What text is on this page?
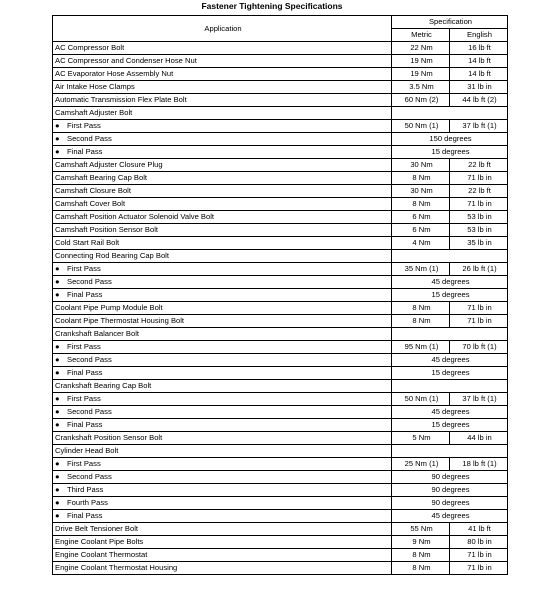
Fastener Tightening Specifications
Application	Specification	
	Metric	English
AC Compressor Bolt	22 Nm	16 lb ft
AC Compressor and Condenser Hose Nut	19 Nm	14 lb ft
AC Evaporator Hose Assembly Nut	19 Nm	14 lb ft
Air Intake Hose Clamps	3.5 Nm	31 lb in
Automatic Transmission Flex Plate Bolt	60 Nm (2)	44 lb ft (2)
Camshaft Adjuster Bolt		
● First Pass	50 Nm (1)	37 lb ft (1)
● Second Pass	150 degrees	
● Final Pass	15 degrees	
Camshaft Adjuster Closure Plug	30 Nm	22 lb ft
Camshaft Bearing Cap Bolt	8 Nm	71 lb in
Camshaft Closure Bolt	30 Nm	22 lb ft
Camshaft Cover Bolt	8 Nm	71 lb in
Camshaft Position Actuator Solenoid Valve Bolt	6 Nm	53 lb in
Camshaft Position Sensor Bolt	6 Nm	53 lb in
Cold Start Rail Bolt	4 Nm	35 lb in
Connecting Rod Bearing Cap Bolt		
● First Pass	35 Nm (1)	26 lb ft (1)
● Second Pass	45 degrees	
● Final Pass	15 degrees	
Coolant Pipe Pump Module Bolt	8 Nm	71 lb in
Coolant Pipe Thermostat Housing Bolt	8 Nm	71 lb in
Crankshaft Balancer Bolt		
● First Pass	95 Nm (1)	70 lb ft (1)
● Second Pass	45 degrees	
● Final Pass	15 degrees	
Crankshaft Bearing Cap Bolt		
● First Pass	50 Nm (1)	37 lb ft (1)
● Second Pass	45 degrees	
● Final Pass	15 degrees	
Crankshaft Position Sensor Bolt	5 Nm	44 lb in
Cylinder Head Bolt		
● First Pass	25 Nm (1)	18 lb ft (1)
● Second Pass	90 degrees	
● Third Pass	90 degrees	
● Fourth Pass	90 degrees	
● Final Pass	45 degrees	
Drive Belt Tensioner Bolt	55 Nm	41 lb ft
Engine Coolant Pipe Bolts	9 Nm	80 lb in
Engine Coolant Thermostat	8 Nm	71 lb in
Engine Coolant Thermostat Housing	8 Nm	71 lb in
